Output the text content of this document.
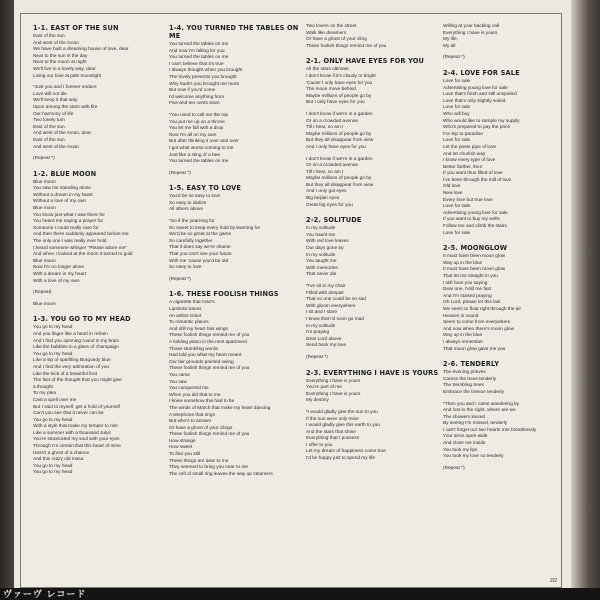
1-1. EAST OF THE SUN
East of the sun
And west of the moon
We have built a dreaming house of love, dear
Near to the sun in the day
Near to the moon at night
We'll live in a lovely way, dear
Living our love at pale moonlight
*Just you and I forever endure
Love will not die
We'll keep it that way
Upon among the stars with fire
Our harmony of life
Two lonely turn
East of the sun
And west of the moon, dear
East of the sun
And west of the moon
(Repeat *)
1-2. BLUE MOON
Blue moon
You saw me standing alone
Without a dream in my heart
Without a love of my own
Blue moon
You know just what I was there for
You heard me saying a prayer for
Someone I could really care for
And then there suddenly appeared before me
The only one I was really ever hold
I heard someone whisper "Please adore me"
And when I looked at the moon it turned to gold
Blue moon
Now I'm no longer alone
With a dream in my heart
With a love of my own
(Repeat)
Blue moon
1-3. YOU GO TO MY HEAD
You go to my head
And you linger like a heart in refrain
And I find you spinning round in my brain
Like the bubbles in a glass of champaign
You go to my head
Like a sip of sparkling Burgundy blue
And I find the very admiration of you
Like the kick of a beautiful foot
The fact of the thought that you might give
a thought
To my plea
Cast a spell over me
But I said to myself, get a hold of yourself
Can't you see that it never can be
You go to my head
With a style that make my temper to rise
Like a summer with a thousand Julys
You're intoxicated my soul with your eyes
Through I'm certain that this heart of mine
Hasn't a ghost of a chance
And this crazy old masa
You go to my head
You go to my head
1-4. YOU TURNED THE TABLES ON ME
You turned the tables on me
And now I'm falling for you
You turned the tables on me
I can't believe that it's true
I always thought when you brought
The lovely presents you brought
Why hadn't you brought me more
But now if you'd come
I'd welcome anything from
Five and ten cents store
*You used to call me the top
You put me up on a throne
You let me fall with a drop
Now I'm all on my own
But after thinking it over and over
I got what worse coming to me
Just like a sting of a bee
You turned the tables on me
(Repeat *)
1-5. EASY TO LOVE
You'd be so easy to love
So easy to idolize
All others above
*So if the yearning for
So sweet to keep every hold by learning for
We'd be so great at the game
So carefully together
That it does say we're shame
That you can't see your future
With me 'cause you'd be old
So easy to love
(Repeat *)
1-6. THESE FOOLISH THINGS
A cigarette that man's
Lipsticks traces
An airline ticket
To romantic places
And still my heart has wings
These foolish things remind me of you
A tinkling piano in the next apartment
Those stumbling words
Had told you what my heart meant
Our fair grounds painted swing
These foolish things remind me of you
You came
You saw
You conquered me
When you did that to me
I knew somehow this had to be
The winds of March that make my heart dancing
A telephone that rings
But who's to answer
Or have a ghost of your clings
These foolish things remind me of you
How strange
How sweet
To find you still
These things are dear to me
They seemed to bring you near to me
The cell of small ring leaves the way up steamers
Two lovers on the street
Walk like dreamers
Or have a ghost of your cling
These foolish things remind me of you
2-1. ONLY HAVE EYES FOR YOU
All the stars ultimate
I don't know if it's cloudy or bright
'Cause I only have eyes for you
The moon move behind
Maybe millions of people go by
But I only have eyes for you
I don't know if we're in a garden
Or on a crowded avenue
Till I hear, so am I
Maybe millions of people go by
But they all disappear from view
And I only have eyes for you
I don't know if we're in a garden
Or on a crowded avenue
Till I hear, so am I
Maybe millions of people go by
But they all disappear from view
And I only got eyes
Big beijian eyes
Great big eyes for you
2-2. SOLITUDE
In my solitude
You haunt me
With red love leaves
Our days gone by
In my solitude
You taught me
With memories
That never die
*I've sit in my chair
Filled with despair
That no one could be so sad
With gloom everywhere
I sit and I stare
I know that I'd soon go mad
In my solitude
I'm praying
Dear Lord above
Send back my love
(Repeat *)
2-3. EVERYTHING I HAVE IS YOURS
Everything I have is yours
You're part of me
Everything I have is yours
My destiny
*I would gladly give the sun to you
If the sun were only mine
I would gladly give this earth to you
And the stars that shine
Everything that I possess
I offer to you
Let my dream of happiness come true
I'd be happy just to spend my life
Willing at your backing call
Everything I have is yours
My life,
My all
(Repeat *)
2-4. LOVE FOR SALE
Love for sale
Advertising young love for sale
Love that's fresh and still unspoiled
Love that's only slightly soiled
Love for sale
Who will buy
Who would like to sample my supply
Who's prepared to pay the price
For trip to paradise
Love for sale
Let the poets pipe of love
And let churlish way
I know every type of love
Better farther, then
If you want thus filled of love
I've been through the mill of love
Old love
New love
Every love but true love
Love for sale
Advertising young love for sale
If you want to buy my wells
Follow me and climb the stairs
Love for sale
2-5. MOONGLOW
It must have been moon glow
Way up in the blue
It must have been moon glow
That let me straight to you
I still hear you saying
Dear one, hold me fast
And I'm started praying
Oh Lord, please let this last
We seem to float right through the air
Heaven is sound
Seem to come from everywhere
And now when there's moon glow
Way up in the blue
I always remember
That moon glow gave me you
2-6. TENDERLY
The evening prieves
Caress the trees tenderly
The trembling trees
Embrace the breeze tenderly
*Then you and I came wandering by
And lost in the sight, where are we
The showers kissed
By seeing I'm missed, tenderly
I can't forget our two hearts met breathlessly
Your arms open wide
And close me inside
You took my lips
You took my love so tenderly
(Repeat *)
2/2
ヴァーヴ レコード
